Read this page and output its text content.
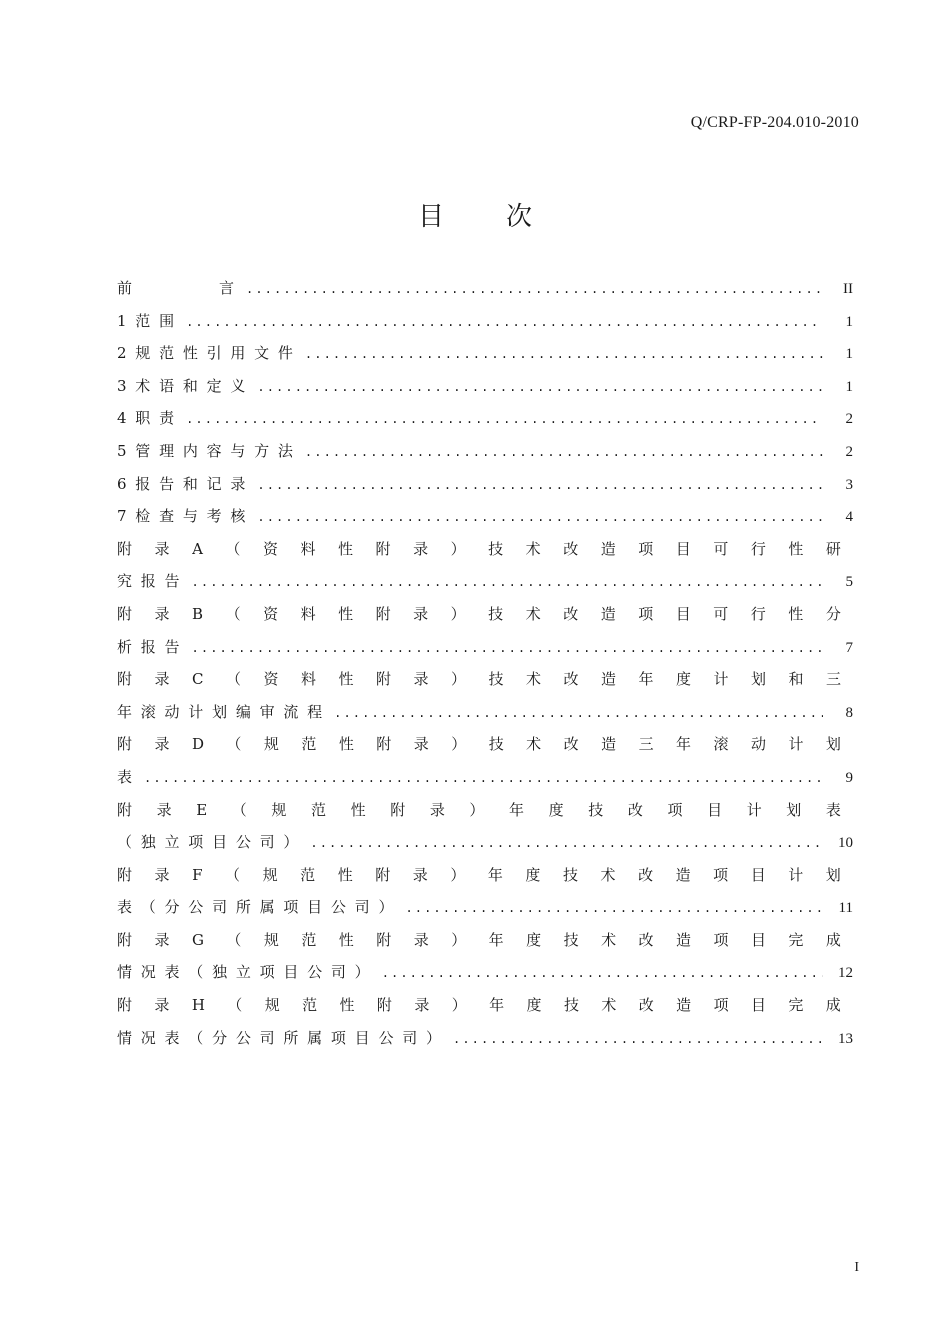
Q/CRP-FP-204.010-2010
目 次
前　　　　　言 .....	II
1 范 围 .....	1
2 规 范 性 引 用 文 件 .....	1
3 术 语 和 定 义 .....	1
4 职 责 .....	2
5 管 理 内 容 与 方 法 .....	2
6 报 告 和 记 录 .....	3
7 检 查 与 考 核 .....	4
附 录 A （ 资 料 性 附 录 ） 技 术 改 造 项 目 可 行 性 研
究 报 告 .....	5
附 录 B （ 资 料 性 附 录 ） 技 术 改 造 项 目 可 行 性 分
析 报 告 .....	7
附 录 C （ 资 料 性 附 录 ） 技 术 改 造 年 度 计 划 和 三
年 滚 动 计 划 编 审 流 程 .....	8
附 录 D （ 规 范 性 附 录 ） 技 术 改 造 三 年 滚 动 计 划
表 .....	9
附 录 E （ 规 范 性 附 录 ） 年 度 技 改 项 目 计 划 表
（ 独 立 项 目 公 司 ） .....	10
附 录 F （ 规 范 性 附 录 ） 年 度 技 术 改 造 项 目 计 划
表 （ 分 公 司 所 属 项 目 公 司 ） .....	11
附 录 G （ 规 范 性 附 录 ） 年 度 技 术 改 造 项 目 完 成
情 况 表 （ 独 立 项 目 公 司 ） .....	12
附 录 H （ 规 范 性 附 录 ） 年 度 技 术 改 造 项 目 完 成
情 况 表 （ 分 公 司 所 属 项 目 公 司 ） .....	13
I
